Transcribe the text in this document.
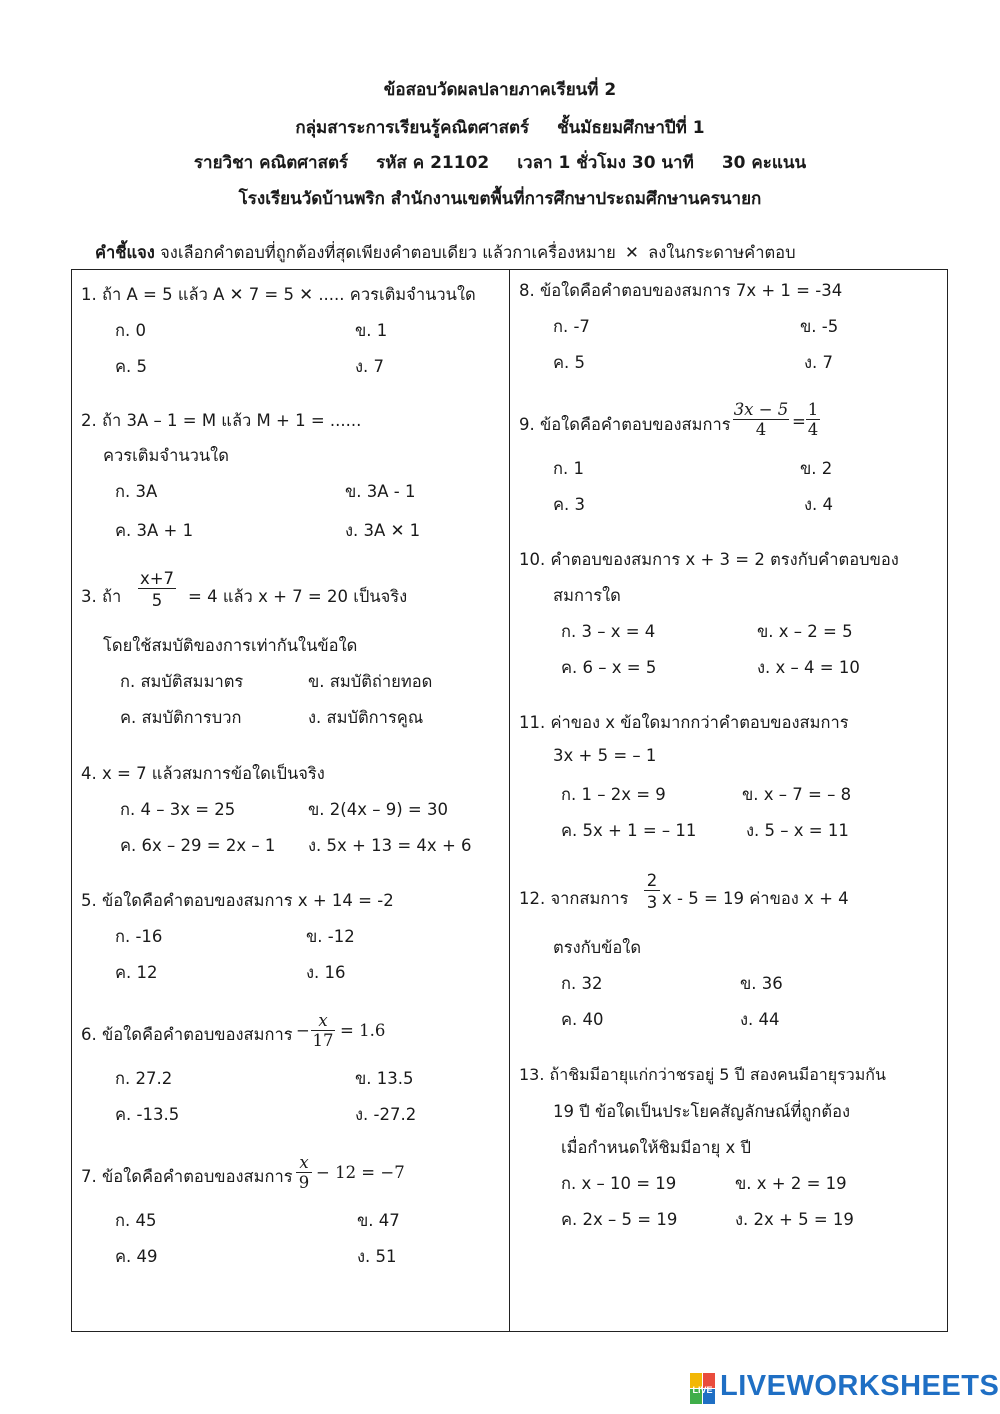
ข้อสอบวัดผลปลายภาคเรียนที่ 2
กลุ่มสาระการเรียนรู้คณิตศาสตร์ ชั้นมัธยมศึกษาปีที่ 1
รายวิชา คณิตศาสตร์ รหัส ค 21102 เวลา 1 ชั่วโมง 30 นาที 30 คะแนน
โรงเรียนวัดบ้านพริก สำนักงานเขตพื้นที่การศึกษาประถมศึกษานครนายก
คำชี้แจง จงเลือกคำตอบที่ถูกต้องที่สุดเพียงคำตอบเดียว แล้วกาเครื่องหมาย ✕ ลงในกระดาษคำตอบ
1. ถ้า A = 5 แล้ว A ✕ 7 = 5 ✕ ..... ควรเติมจำนวนใด
ก. 0	ข. 1
ค. 5	ง. 7
2. ถ้า 3A – 1 = M แล้ว M + 1 = ......
ควรเติมจำนวนใด
ก. 3A	ข. 3A - 1
ค. 3A + 1	ง. 3A ✕ 1
3. ถ้า $\frac{x+7}{5} = 4$ แล้ว x + 7 = 20 เป็นจริง
โดยใช้สมบัติของการเท่ากันในข้อใด
ก. สมบัติสมมาตร	ข. สมบัติถ่ายทอด
ค. สมบัติการบวก	ง. สมบัติการคูณ
4. x = 7 แล้วสมการข้อใดเป็นจริง
ก. 4 – 3x = 25	ข. 2(4x – 9) = 30
ค. 6x – 29 = 2x – 1 ง. 5x + 13 = 4x + 6
5. ข้อใดคือคำตอบของสมการ x + 14 = -2
ก. -16	ข. -12
ค. 12	ง. 16
6. ข้อใดคือคำตอบของสมการ − $\frac{x}{17} = 1.6$
ก. 27.2	ข. 13.5
ค. -13.5	ง. -27.2
7. ข้อใดคือคำตอบของสมการ $\frac{x}{9} - 12 = -7$
ก. 45	ข. 47
ค. 49	ง. 51
8. ข้อใดคือคำตอบของสมการ 7x + 1 = -34
ก. -7	ข. -5
ค. 5	ง. 7
9. ข้อใดคือคำตอบของสมการ $\frac{3x - 5}{4} = \frac{1}{4}$
ก. 1	ข. 2
ค. 3	ง. 4
10. คำตอบของสมการ x + 3 = 2 ตรงกับคำตอบของ
สมการใด
ก. 3 – x = 4	ข. x – 2 = 5
ค. 6 – x = 5	ง. x – 4 = 10
11. ค่าของ x ข้อใดมากกว่าคำตอบของสมการ
3x + 5 = – 1
ก. 1 – 2x = 9	ข. x – 7 = – 8
ค. 5x + 1 = – 11	ง. 5 – x = 11
12. จากสมการ $\frac{2}{3}$ x - 5 = 19 ค่าของ x + 4
ตรงกับข้อใด
ก. 32	ข. 36
ค. 40	ง. 44
13. ถ้าชิมมีอายุแก่กว่าชรอยู่ 5 ปี สองคนมีอายุรวมกัน
19 ปี ข้อใดเป็นประโยคสัญลักษณ์ที่ถูกต้อง
เมื่อกำหนดให้ชิมมีอายุ x ปี
ก. x – 10 = 19	ข. x + 2 = 19
ค. 2x – 5 = 19	ง. 2x + 5 = 19
LIVE LIVEWORKSHEETS
